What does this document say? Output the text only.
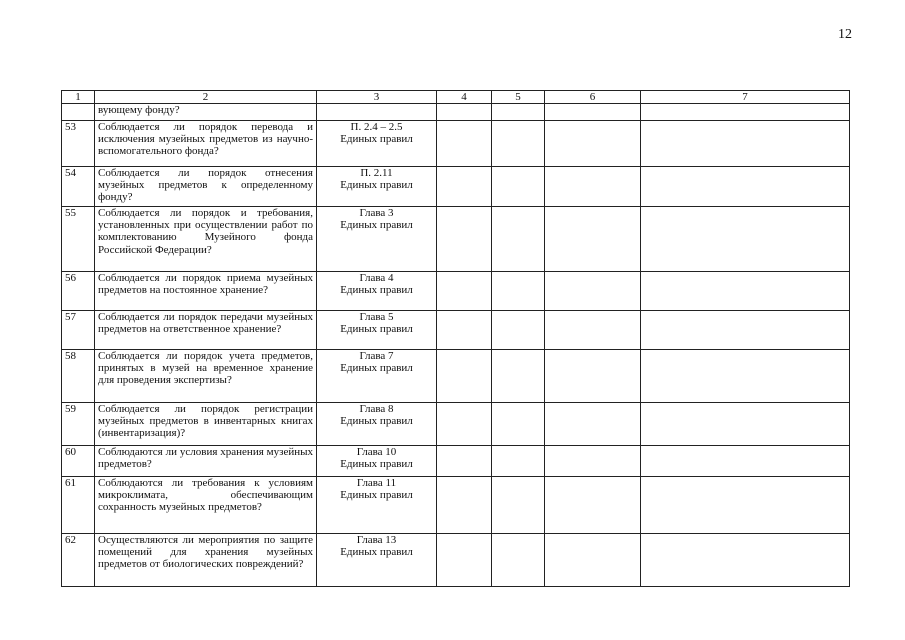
12
1	2	3	4	5	6	7
	вующему фонду?					
53	Соблюдается ли порядок перевода и исключения музейных предметов из научно-вспомогательного фонда?	П. 2.4 – 2.5
Единых правил				

54	Соблюдается ли порядок отнесения музейных предметов к определенному фонду?	П. 2.11
Единых правил				

55	Соблюдается ли порядок и требования, установленных при осуществлении работ по комплектованию Музейного фонда Российской Федерации?	Глава 3
Единых правил				

56	Соблюдается ли порядок приема музейных предметов на постоянное хранение?	Глава 4
Единых правил				

57	Соблюдается ли порядок передачи музейных предметов на ответственное хранение?	Глава 5
Единых правил				

58	Соблюдается ли порядок учета предметов, принятых в музей на временное хранение для проведения экспертизы?	Глава 7
Единых правил				

59	Соблюдается ли порядок регистрации музейных предметов в инвентарных книгах (инвентаризация)?	Глава 8
Единых правил				

60	Соблюдаются ли условия хранения музейных предметов?	Глава 10
Единых правил				

61	Соблюдаются ли требования к условиям микроклимата, обеспечивающим сохранность музейных предметов?	Глава 11
Единых правил				

62	Осуществляются ли мероприятия по защите помещений для хранения музейных предметов от биологических повреждений?	Глава 13
Единых правил				
